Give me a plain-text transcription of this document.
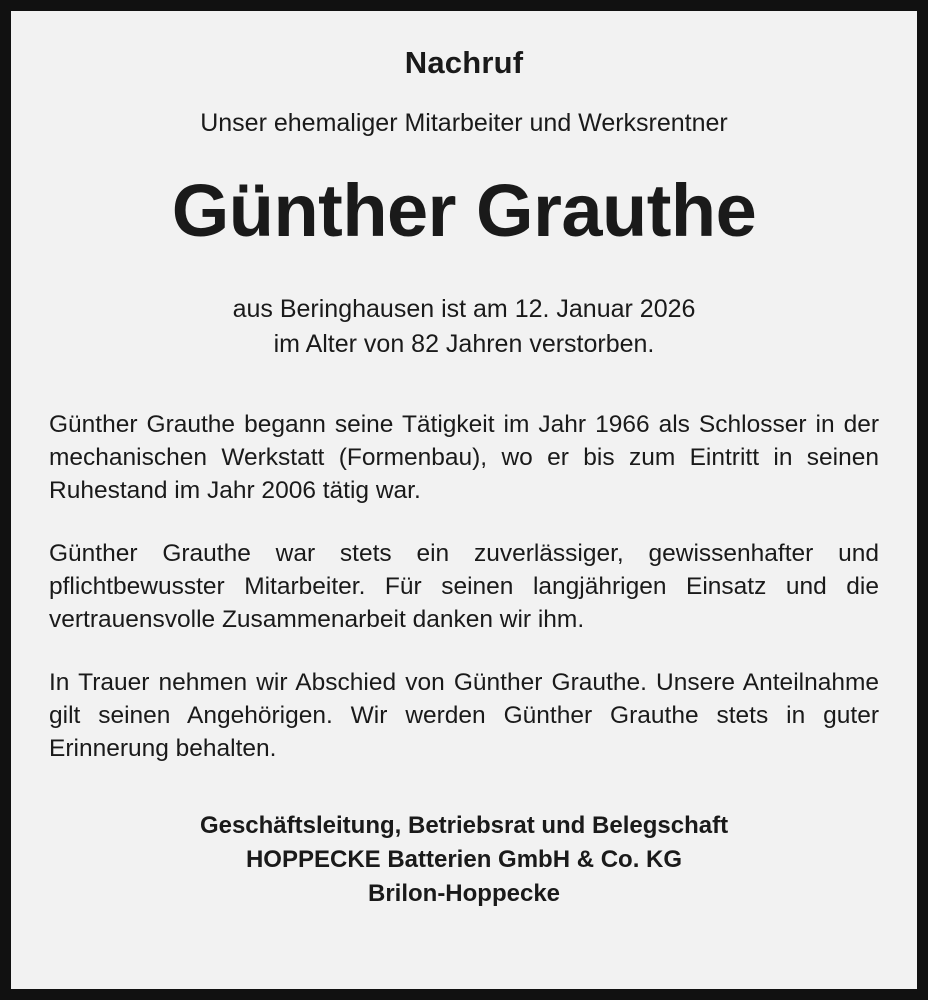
Nachruf
Unser ehemaliger Mitarbeiter und Werksrentner
Günther Grauthe
aus Beringhausen ist am 12. Januar 2026
im Alter von 82 Jahren verstorben.
Günther Grauthe begann seine Tätigkeit im Jahr 1966 als Schlosser in der mechanischen Werkstatt (Formenbau), wo er bis zum Eintritt in seinen Ruhestand im Jahr 2006 tätig war.
Günther Grauthe war stets ein zuverlässiger, gewissenhafter und pflichtbewusster Mitarbeiter. Für seinen langjährigen Einsatz und die vertrauensvolle Zusammenarbeit danken wir ihm.
In Trauer nehmen wir Abschied von Günther Grauthe. Unsere Anteilnahme gilt seinen Angehörigen. Wir werden Günther Grauthe stets in guter Erinnerung behalten.
Geschäftsleitung, Betriebsrat und Belegschaft
HOPPECKE Batterien GmbH & Co. KG
Brilon-Hoppecke
